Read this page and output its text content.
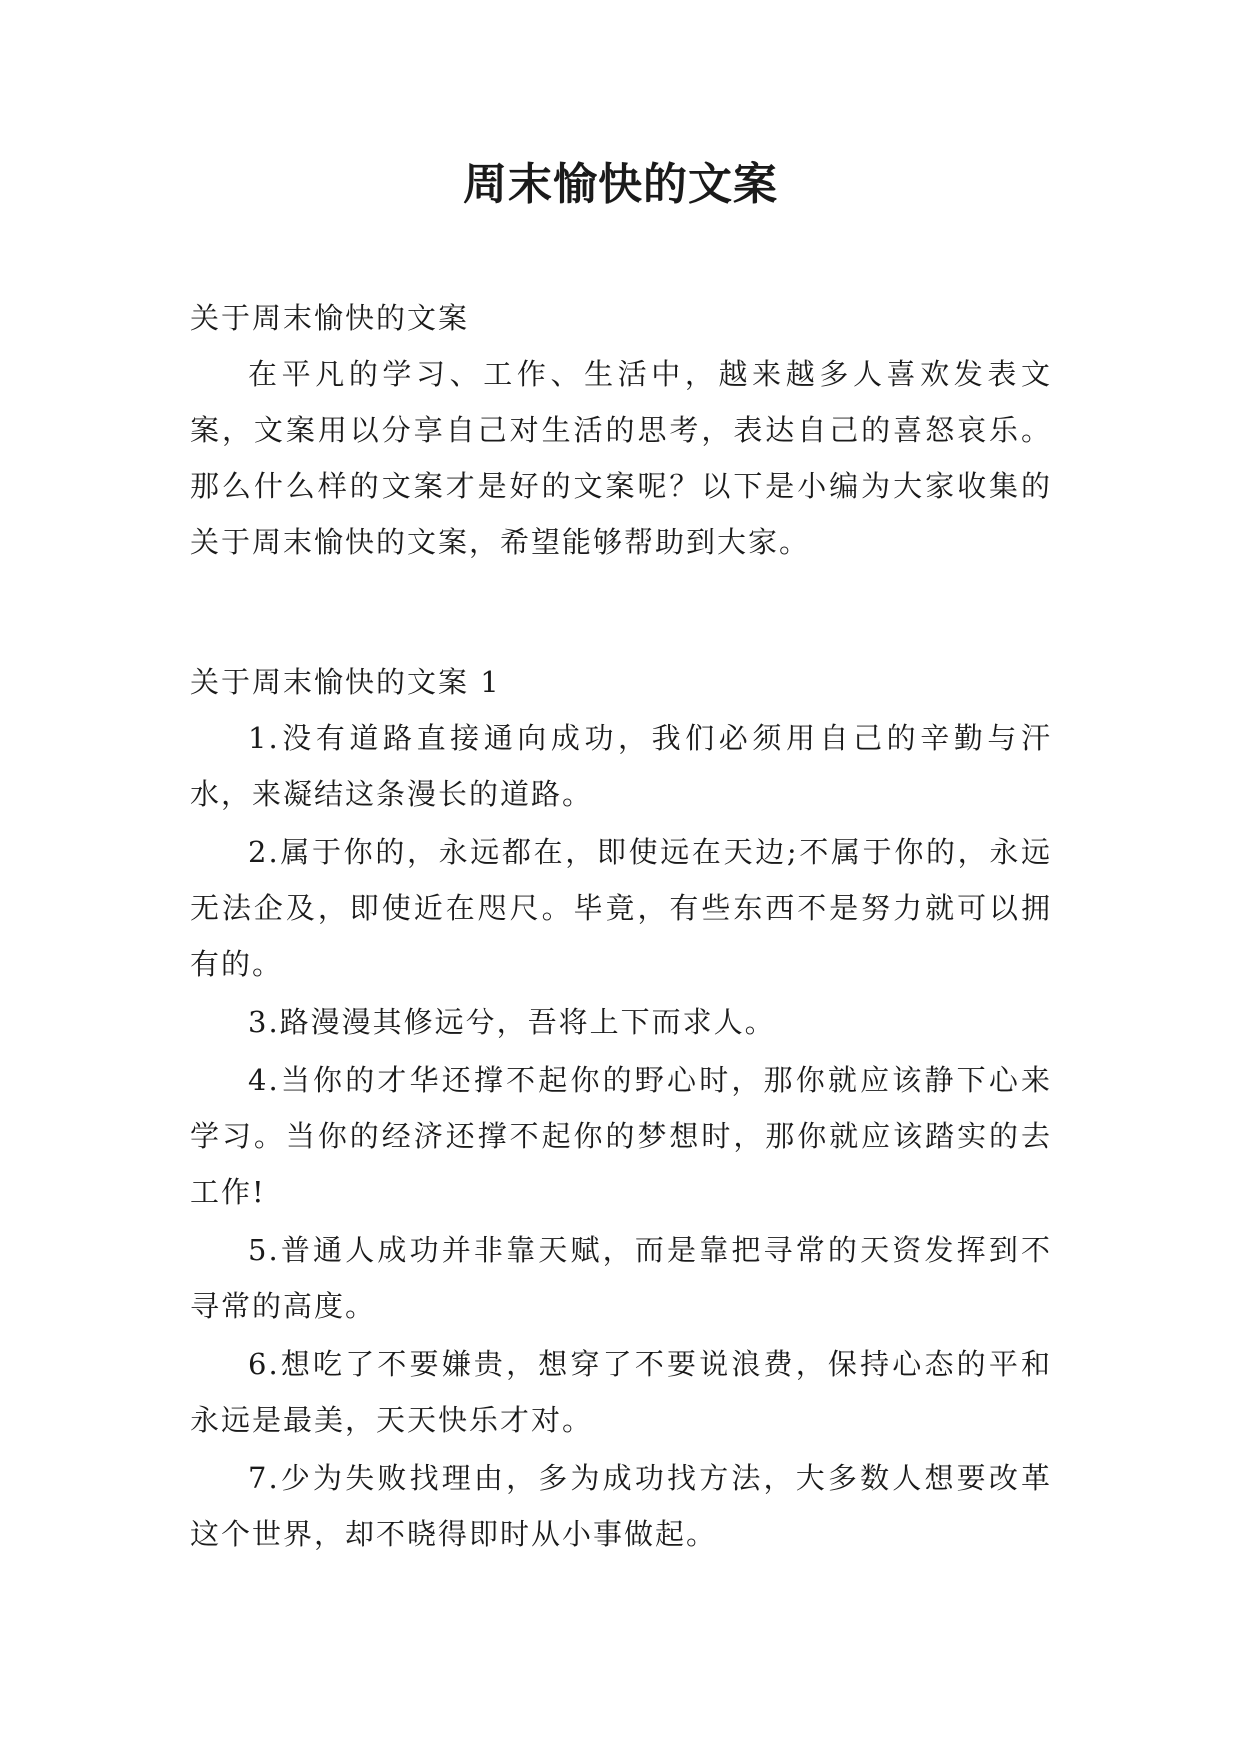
周末愉快的文案
关于周末愉快的文案

在平凡的学习、工作、生活中，越来越多人喜欢发表文案，文案用以分享自己对生活的思考，表达自己的喜怒哀乐。那么什么样的文案才是好的文案呢？以下是小编为大家收集的关于周末愉快的文案，希望能够帮助到大家。

关于周末愉快的文案 1

1.没有道路直接通向成功，我们必须用自己的辛勤与汗水，来凝结这条漫长的道路。

2.属于你的，永远都在，即使远在天边;不属于你的，永远无法企及，即使近在咫尺。毕竟，有些东西不是努力就可以拥有的。

3.路漫漫其修远兮，吾将上下而求人。

4.当你的才华还撑不起你的野心时，那你就应该静下心来学习。当你的经济还撑不起你的梦想时，那你就应该踏实的去工作!

5.普通人成功并非靠天赋，而是靠把寻常的天资发挥到不寻常的高度。

6.想吃了不要嫌贵，想穿了不要说浪费，保持心态的平和永远是最美，天天快乐才对。

7.少为失败找理由，多为成功找方法，大多数人想要改革这个世界，却不晓得即时从小事做起。
